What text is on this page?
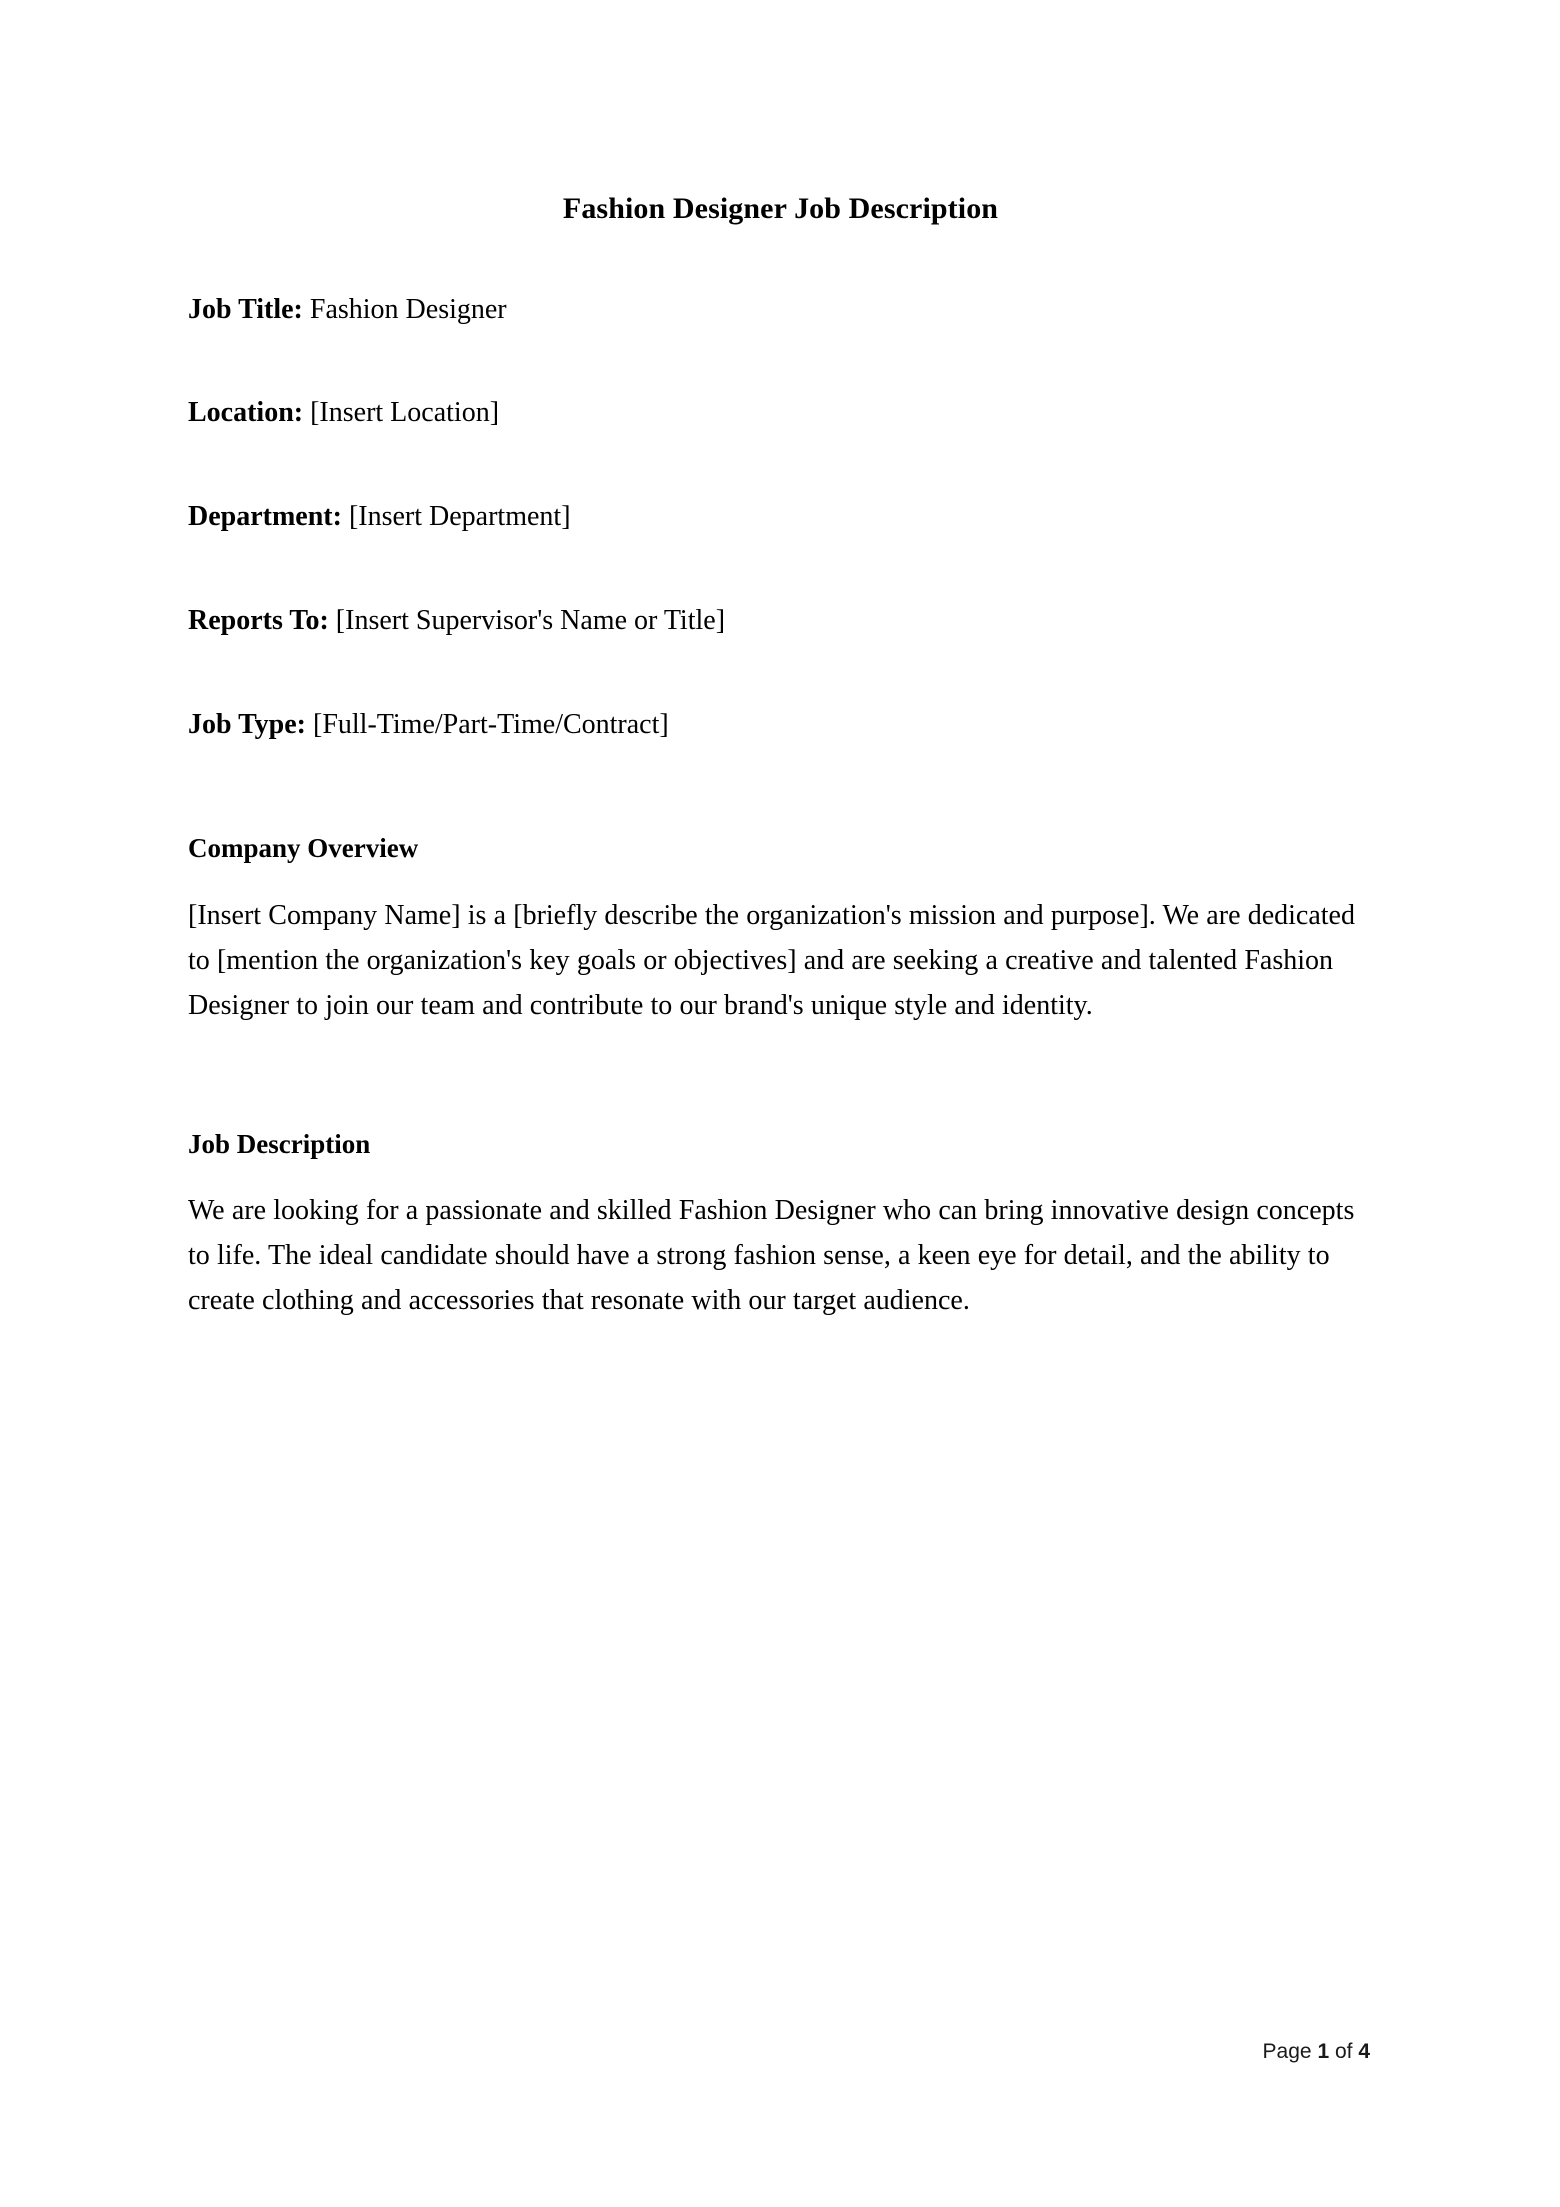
Fashion Designer Job Description
Job Title: Fashion Designer
Location: [Insert Location]
Department: [Insert Department]
Reports To: [Insert Supervisor's Name or Title]
Job Type: [Full-Time/Part-Time/Contract]
Company Overview

[Insert Company Name] is a [briefly describe the organization's mission and purpose]. We are dedicated to [mention the organization's key goals or objectives] and are seeking a creative and talented Fashion Designer to join our team and contribute to our brand's unique style and identity.

Job Description

We are looking for a passionate and skilled Fashion Designer who can bring innovative design concepts to life. The ideal candidate should have a strong fashion sense, a keen eye for detail, and the ability to create clothing and accessories that resonate with our target audience.

Page 1 of 4
